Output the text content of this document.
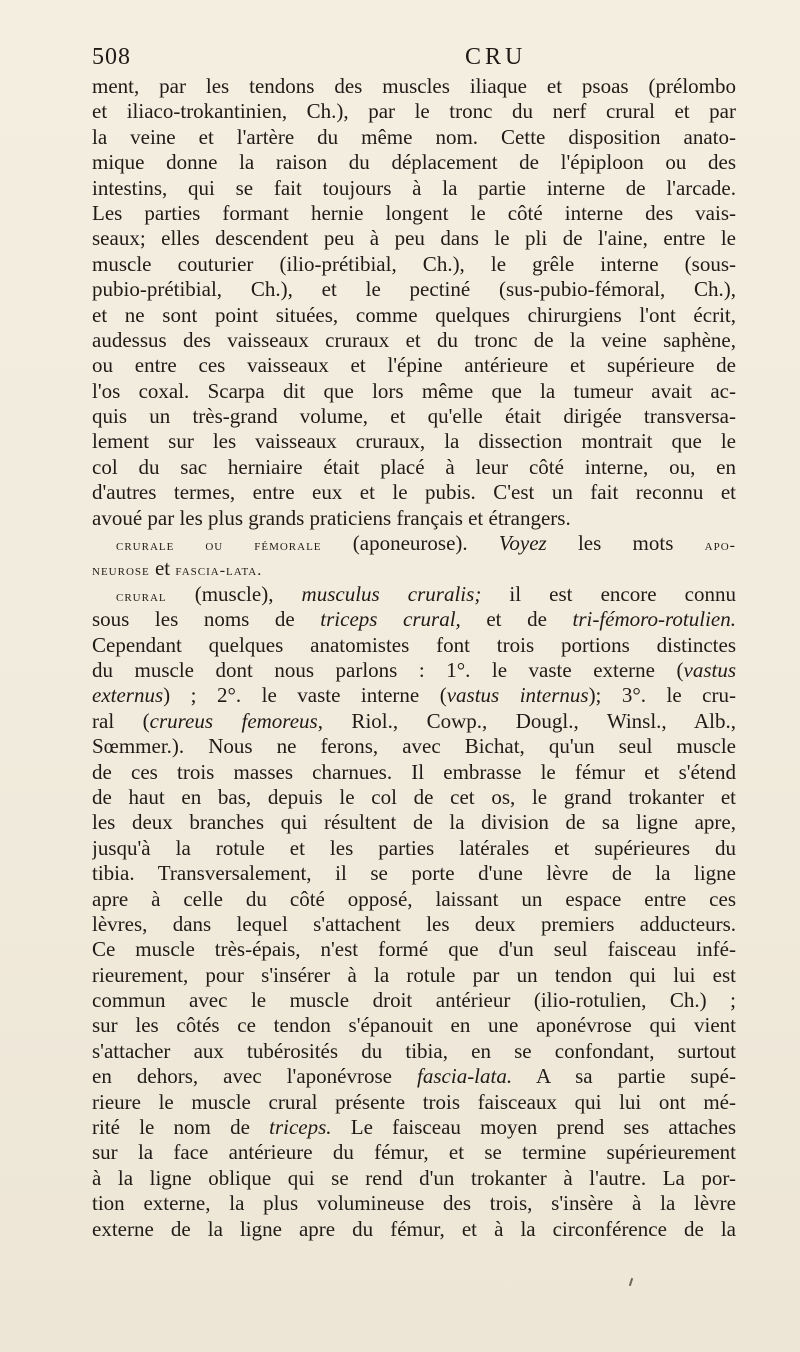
508	CRU
ment, par les tendons des muscles iliaque et psoas (prélombo
et iliaco-trokantinien, Ch.), par le tronc du nerf crural et par
la veine et l'artère du même nom. Cette disposition anato-
mique donne la raison du déplacement de l'épiploon ou des
intestins, qui se fait toujours à la partie interne de l'arcade.
Les parties formant hernie longent le côté interne des vais-
seaux; elles descendent peu à peu dans le pli de l'aine, entre le
muscle couturier (ilio-prétibial, Ch.), le grêle interne (sous-
pubio-prétibial, Ch.), et le pectiné (sus-pubio-fémoral, Ch.),
et ne sont point situées, comme quelques chirurgiens l'ont écrit,
audessus des vaisseaux cruraux et du tronc de la veine saphène,
ou entre ces vaisseaux et l'épine antérieure et supérieure de
l'os coxal. Scarpa dit que lors même que la tumeur avait ac-
quis un très-grand volume, et qu'elle était dirigée transversa-
lement sur les vaisseaux cruraux, la dissection montrait que le
col du sac herniaire était placé à leur côté interne, ou, en
d'autres termes, entre eux et le pubis. C'est un fait reconnu et
avoué par les plus grands praticiens français et étrangers.
crurale ou fémorale (aponeurose). Voyez les mots apo-
neurose et fascia-lata.
crural (muscle), musculus cruralis; il est encore connu
sous les noms de triceps crural, et de tri-fémoro-rotulien.
Cependant quelques anatomistes font trois portions distinctes
du muscle dont nous parlons : 1°. le vaste externe (vastus
externus) ; 2°. le vaste interne (vastus internus); 3°. le cru-
ral (crureus femoreus, Riol., Cowp., Dougl., Winsl., Alb.,
Sœmmer.). Nous ne ferons, avec Bichat, qu'un seul muscle
de ces trois masses charnues. Il embrasse le fémur et s'étend
de haut en bas, depuis le col de cet os, le grand trokanter et
les deux branches qui résultent de la division de sa ligne apre,
jusqu'à la rotule et les parties latérales et supérieures du
tibia. Transversalement, il se porte d'une lèvre de la ligne
apre à celle du côté opposé, laissant un espace entre ces
lèvres, dans lequel s'attachent les deux premiers adducteurs.
Ce muscle très-épais, n'est formé que d'un seul faisceau infé-
rieurement, pour s'insérer à la rotule par un tendon qui lui est
commun avec le muscle droit antérieur (ilio-rotulien, Ch.) ;
sur les côtés ce tendon s'épanouit en une aponévrose qui vient
s'attacher aux tubérosités du tibia, en se confondant, surtout
en dehors, avec l'aponévrose fascia-lata. A sa partie supé-
rieure le muscle crural présente trois faisceaux qui lui ont mé-
rité le nom de triceps. Le faisceau moyen prend ses attaches
sur la face antérieure du fémur, et se termine supérieurement
à la ligne oblique qui se rend d'un trokanter à l'autre. La por-
tion externe, la plus volumineuse des trois, s'insère à la lèvre
externe de la ligne apre du fémur, et à la circonférence de la
